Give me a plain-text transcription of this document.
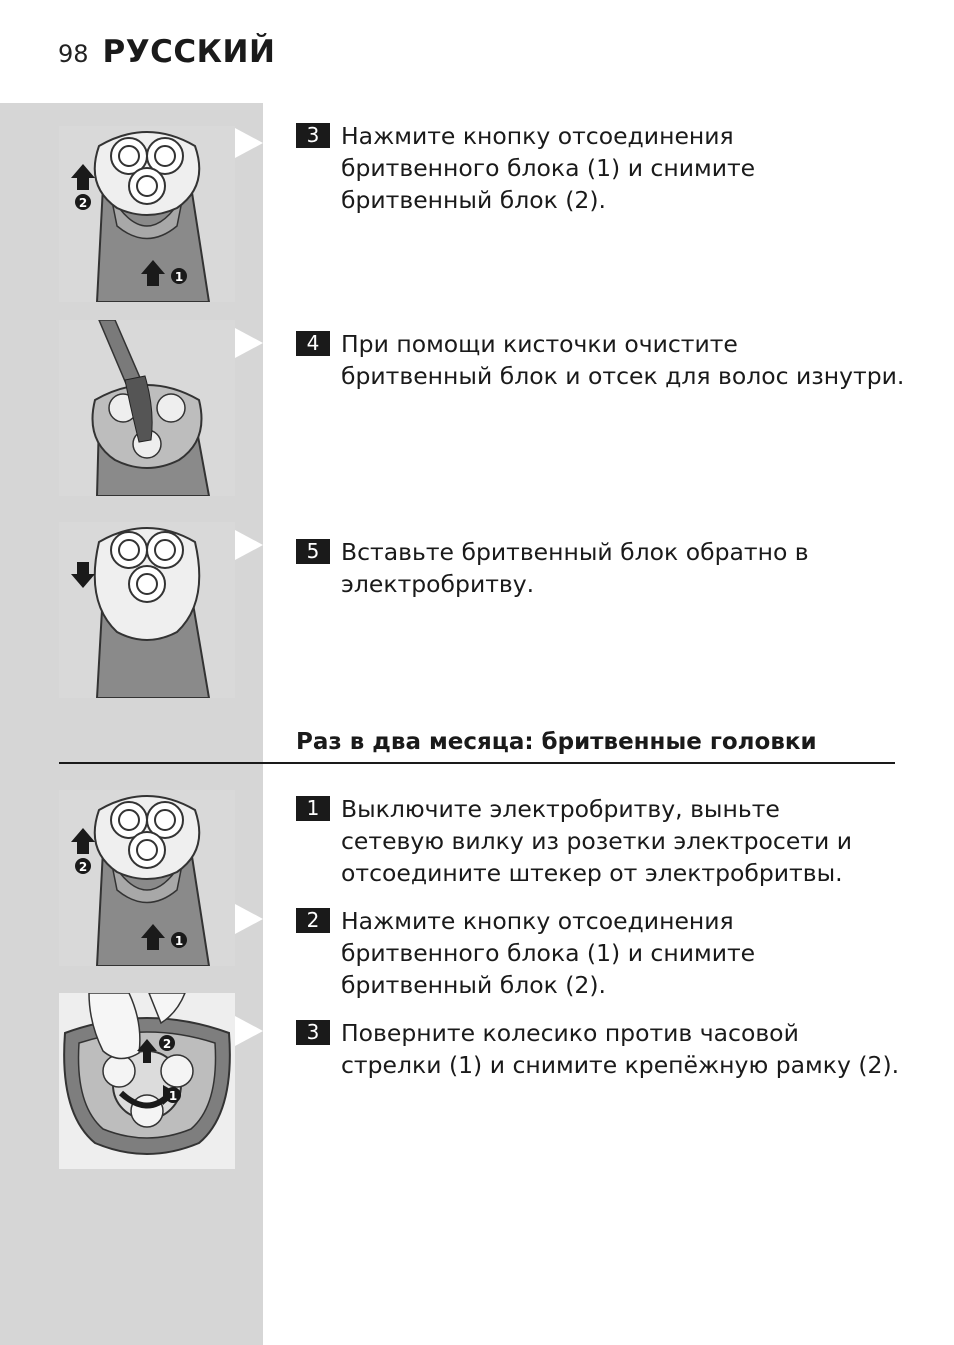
98 РУССКИЙ
2
1
2
1
2
1
3 Нажмите кнопку отсоединения
бритвенного блока (1) и снимите
бритвенный блок (2).
4 При помощи кисточки очистите
бритвенный блок и отсек для волос изнутри.
5 Вставьте бритвенный блок обратно в
электробритву.
Раз в два месяца: бритвенные головки
1 Выключите электробритву, выньте
сетевую вилку из розетки электросети и
отсоедините штекер от электробритвы.
2 Нажмите кнопку отсоединения
бритвенного блока (1) и снимите
бритвенный блок (2).
3 Поверните колесико против часовой
стрелки (1) и снимите крепёжную рамку (2).
